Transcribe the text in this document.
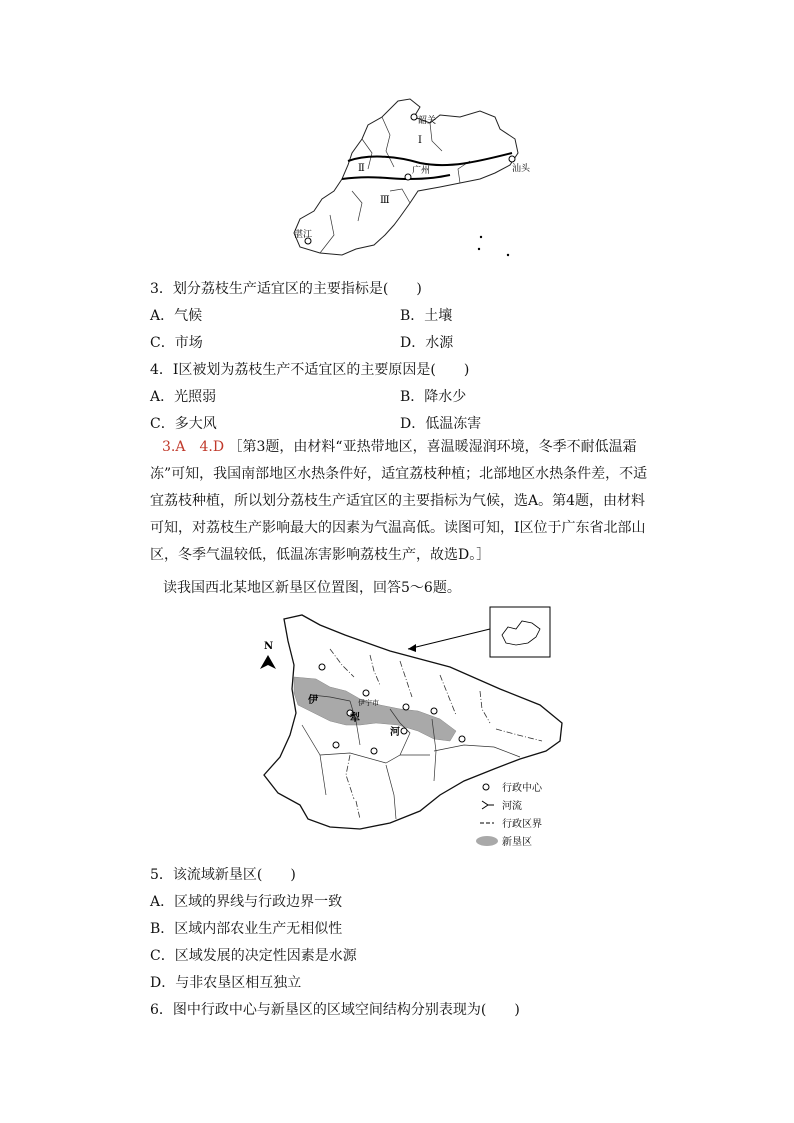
韶关
Ⅰ
Ⅱ
Ⅲ
广州	汕头
湛江
3．划分荔枝生产适宜区的主要指标是(　　)
A．气候	B．土壤
C．市场	D．水源
4．Ⅰ区被划为荔枝生产不适宜区的主要原因是(　　)
A．光照弱	B．降水少
C．多大风	D．低温冻害
3.A　4.D ［第3题，由材料“亚热带地区，喜温暖湿润环境，冬季不耐低温霜冻”可知，我国南部地区水热条件好，适宜荔枝种植；北部地区水热条件差，不适宜荔枝种植，所以划分荔枝生产适宜区的主要指标为气候，选A。第4题，由材料可知，对荔枝生产影响最大的因素为气温高低。读图可知，Ⅰ区位于广东省北部山区，冬季气温较低，低温冻害影响荔枝生产，故选D。］
读我国西北某地区新垦区位置图，回答5～6题。
N
伊宁市
伊
犁
河
行政中心
河流
行政区界
新垦区
5．该流域新垦区(　　)
A．区域的界线与行政边界一致
B．区域内部农业生产无相似性
C．区域发展的决定性因素是水源
D．与非农垦区相互独立
6．图中行政中心与新垦区的区域空间结构分别表现为(　　)
